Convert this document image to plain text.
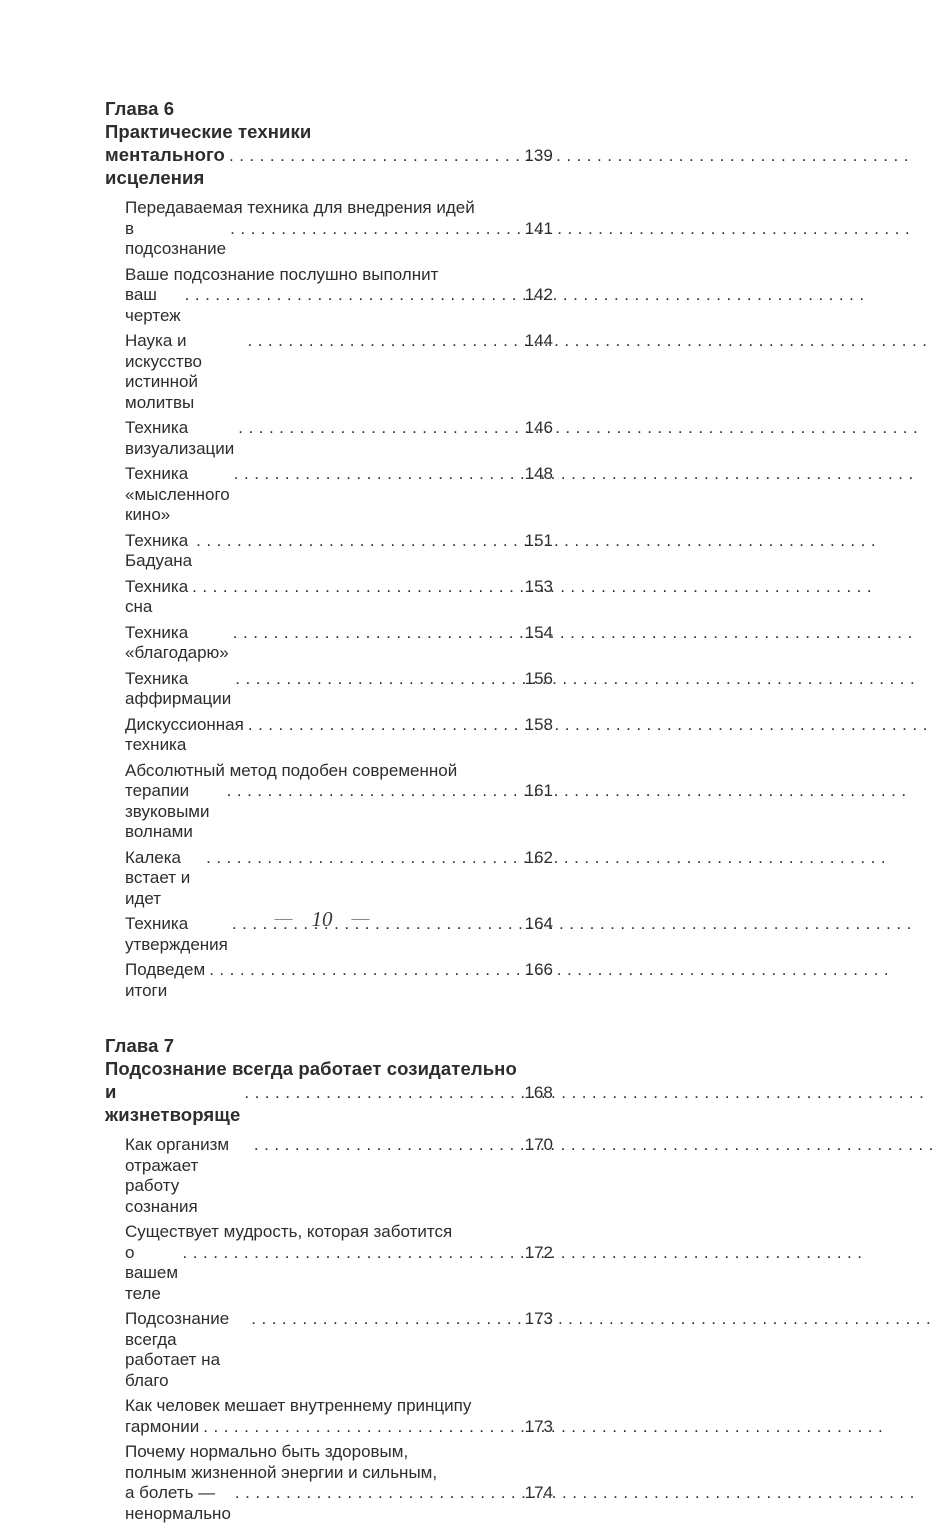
Глава 6
Практические техники
ментального исцеления
.....
139
Передаваемая техника для внедрения идей
в подсознание
.....
141
Ваше подсознание послушно выполнит
ваш чертеж
.....
142
Наука и искусство истинной молитвы
.....
144
Техника визуализации
.....
146
Техника «мысленного кино»
.....
148
Техника Бадуана
.....
151
Техника сна
.....
153
Техника «благодарю»
.....
154
Техника аффирмации
.....
156
Дискуссионная техника
.....
158
Абсолютный метод подобен современной
терапии звуковыми волнами
.....
161
Калека встает и идет
.....
162
Техника утверждения
.....
164
Подведем итоги
.....
166
Глава 7
Подсознание всегда работает созидательно
и жизнетворяще
.....
168
Как организм отражает работу сознания
.....
170
Существует мудрость, которая заботится
о вашем теле
.....
172
Подсознание всегда работает на благо
.....
173
Как человек мешает внутреннему принципу
гармонии .....	173
Почему нормально быть здоровым,
полным жизненной энергии и сильным,
а болеть — ненормально
.....
174
— 10 —
